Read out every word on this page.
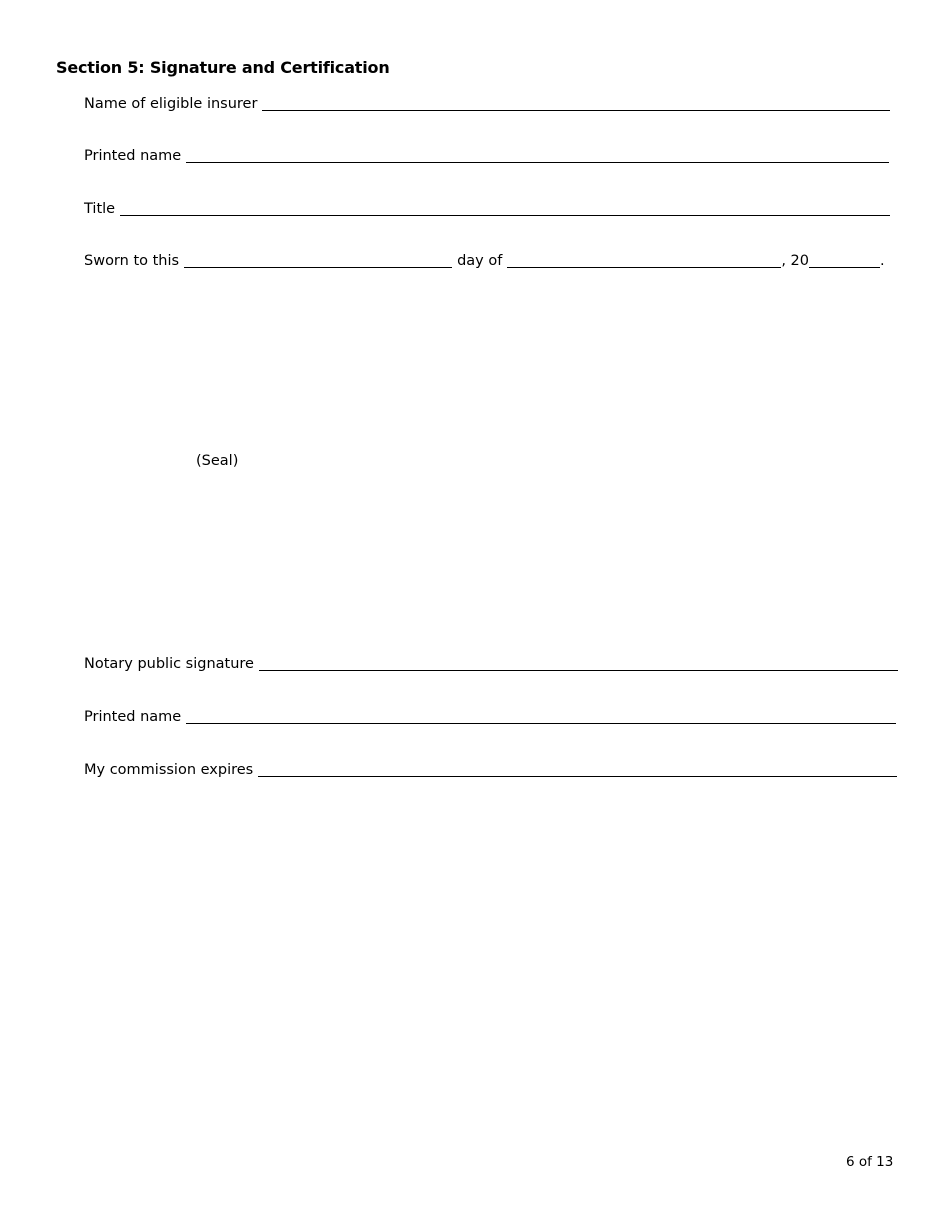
Section 5: Signature and Certification
Name of eligible insurer
Printed name
Title
Sworn to this	day of	, 20	.
(Seal)
Notary public signature
Printed name
My commission expires
6 of 13
